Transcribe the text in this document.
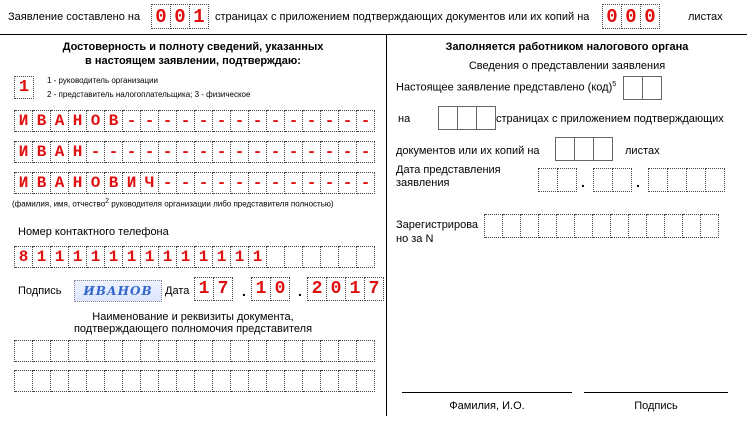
Заявление составлено на 0 0 1 страницах с приложением подтверждающих документов или их копий на 0 0 0	листах
Достоверность и полноту сведений, указанных
в настоящем заявлении, подтверждаю:
1	1 - руководитель организации
2 - представитель налогоплательщика; 3 - физическое
И В А Н О В - - - - - - - - - - - - - -
И В А Н - - - - - - - - - - - - - - - -
И В А Н О В И Ч - - - - - - - - - - - -
(фамилия, имя, отчество$^2$ руководителя организации либо представителя полностью)
Номер контактного телефона
8 1 1 1 1 1 1 1 1 1 1 1 1 1
Подпись ИВАНОВ Дата 1 7 . 1 0 . 2 0 1 7
Наименование и реквизиты документа,
подтверждающего полномочия представителя
Заполняется работником налогового органа
Сведения о представлении заявления
Настоящее заявление представлено (код)$^5$
на	страницах с приложением подтверждающих
документов или их копий на	листах
Дата представления
заявления	.	.
Зарегистрирова
но за N
Фамилия, И.О.	Подпись
